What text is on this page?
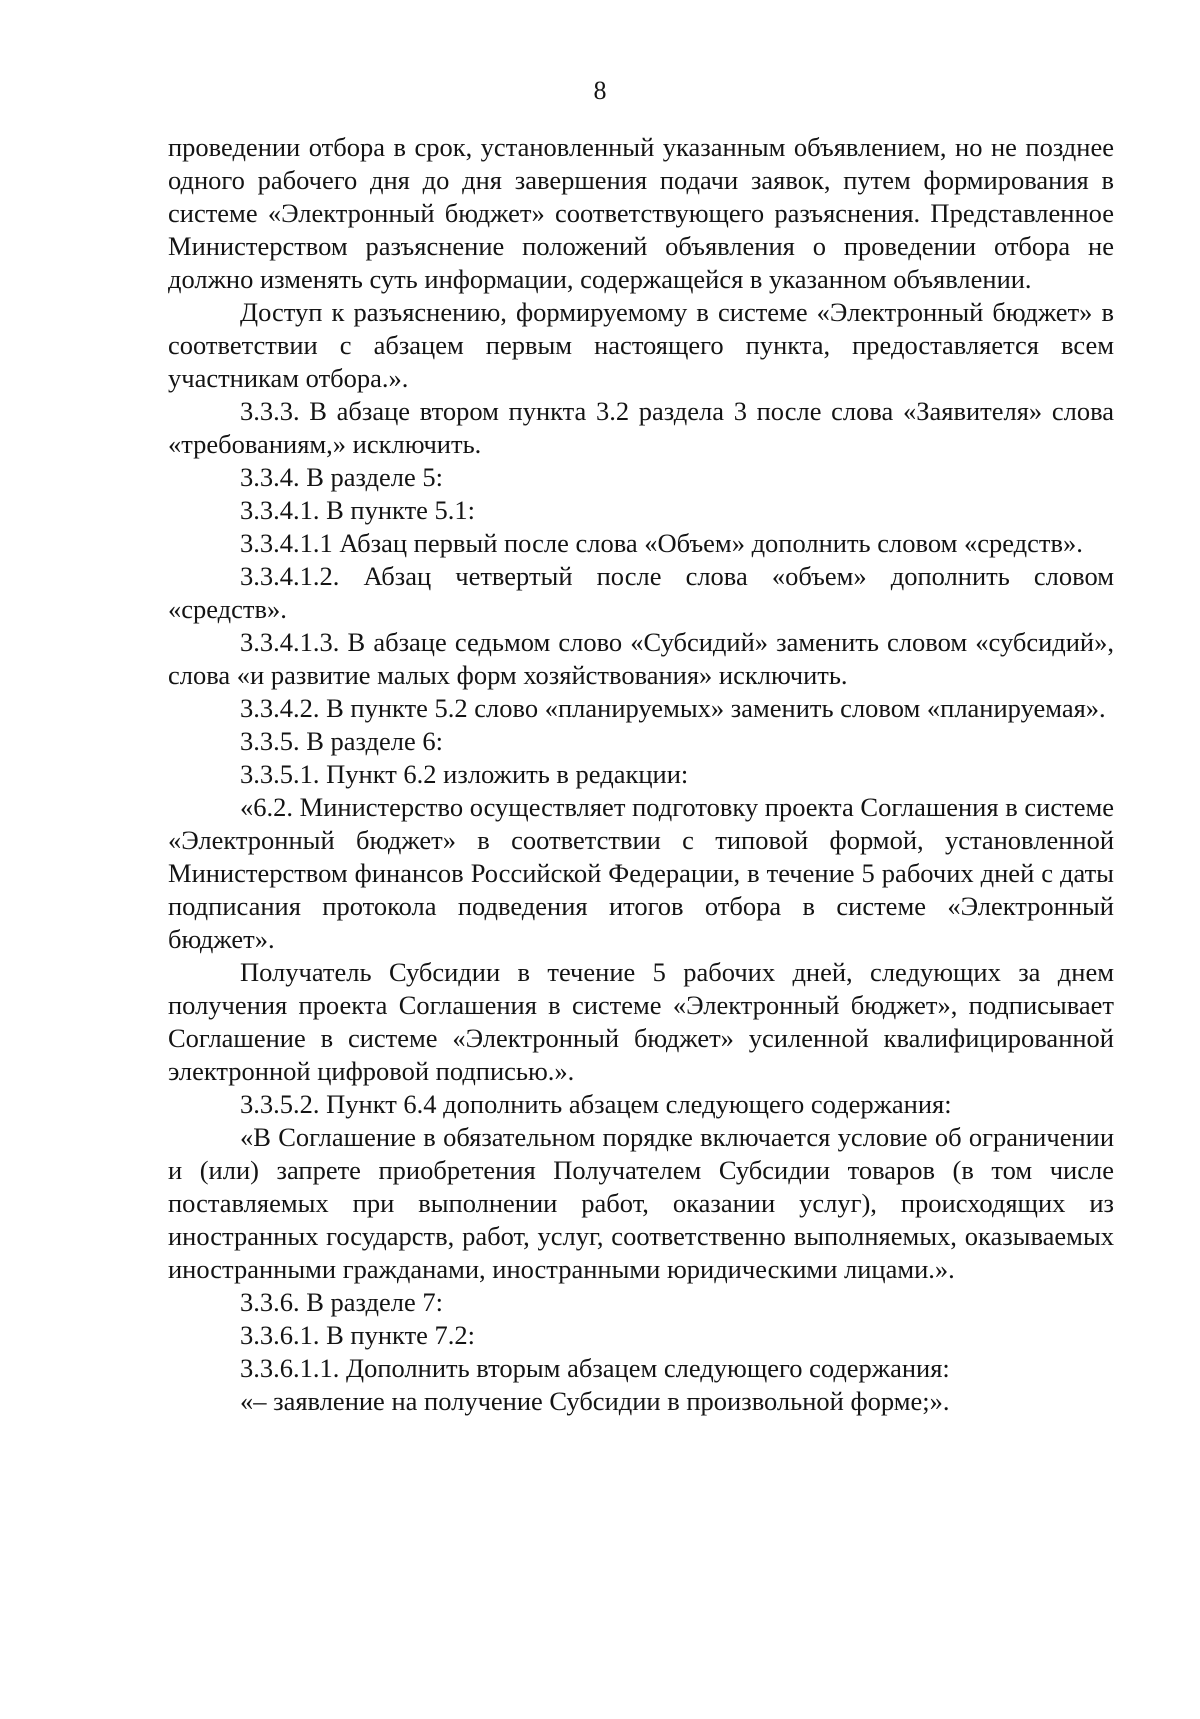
8

проведении отбора в срок, установленный указанным объявлением, но не позднее одного рабочего дня до дня завершения подачи заявок, путем формирования в системе «Электронный бюджет» соответствующего разъяснения. Представленное Министерством разъяснение положений объявления о проведении отбора не должно изменять суть информации, содержащейся в указанном объявлении.

Доступ к разъяснению, формируемому в системе «Электронный бюджет» в соответствии с абзацем первым настоящего пункта, предоставляется всем участникам отбора.».

3.3.3. В абзаце втором пункта 3.2 раздела 3 после слова «Заявителя» слова «требованиям,» исключить.

3.3.4. В разделе 5:

3.3.4.1. В пункте 5.1:

3.3.4.1.1 Абзац первый после слова «Объем» дополнить словом «средств».

3.3.4.1.2. Абзац четвертый после слова «объем» дополнить словом «средств».

3.3.4.1.3. В абзаце седьмом слово «Субсидий» заменить словом «субсидий», слова «и развитие малых форм хозяйствования» исключить.

3.3.4.2. В пункте 5.2 слово «планируемых» заменить словом «планируемая».

3.3.5. В разделе 6:

3.3.5.1. Пункт 6.2 изложить в редакции:

«6.2. Министерство осуществляет подготовку проекта Соглашения в системе «Электронный бюджет» в соответствии с типовой формой, установленной Министерством финансов Российской Федерации, в течение 5 рабочих дней с даты подписания протокола подведения итогов отбора в системе «Электронный бюджет».

Получатель Субсидии в течение 5 рабочих дней, следующих за днем получения проекта Соглашения в системе «Электронный бюджет», подписывает Соглашение в системе «Электронный бюджет» усиленной квалифицированной электронной цифровой подписью.».

3.3.5.2. Пункт 6.4 дополнить абзацем следующего содержания:

«В Соглашение в обязательном порядке включается условие об ограничении и (или) запрете приобретения Получателем Субсидии товаров (в том числе поставляемых при выполнении работ, оказании услуг), происходящих из иностранных государств, работ, услуг, соответственно выполняемых, оказываемых иностранными гражданами, иностранными юридическими лицами.».

3.3.6. В разделе 7:

3.3.6.1. В пункте 7.2:

3.3.6.1.1. Дополнить вторым абзацем следующего содержания:

«– заявление на получение Субсидии в произвольной форме;».
